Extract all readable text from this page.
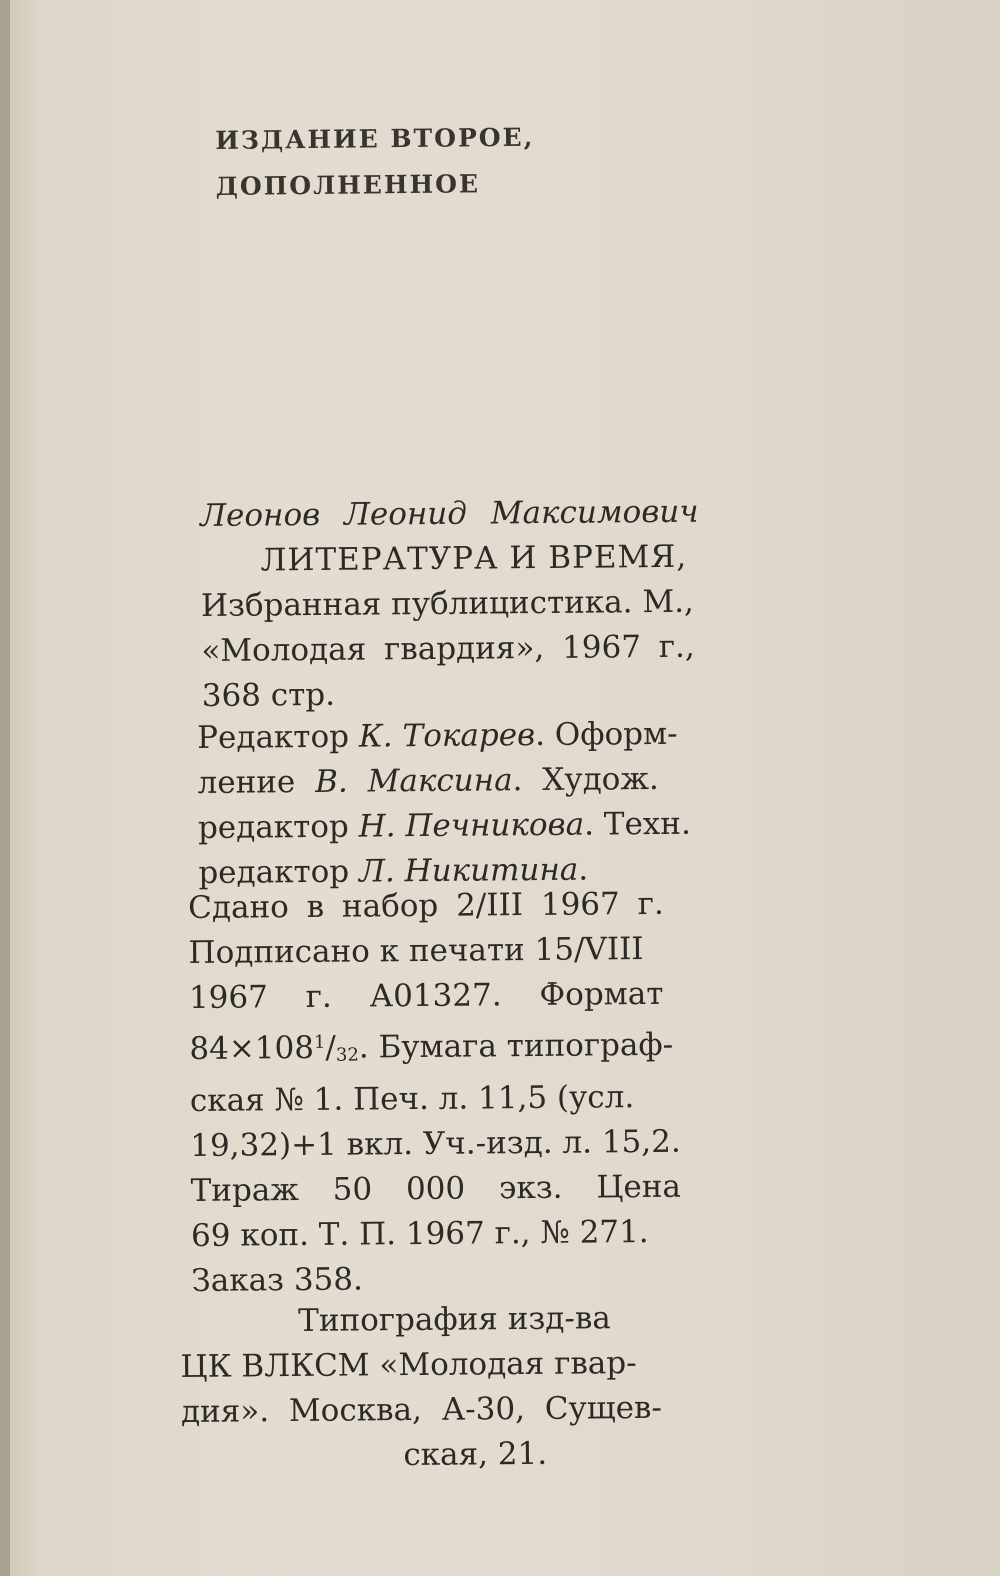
ИЗДАНИЕ ВТОРОЕ,
ДОПОЛНЕННОЕ
Леонов Леонид Максимович
ЛИТЕРАТУРА И ВРЕМЯ,
Избранная публицистика. М.,
«Молодая гвардия», 1967 г.,
368 стр.
Редактор К. Токарев. Оформ-
ление В. Максина. Худож.
редактор Н. Печникова. Техн.
редактор Л. Никитина.
Сдано в набор 2/III 1967 г.
Подписано к печати 15/VIII
1967 г. А01327. Формат
$84\times 108^1/32$. Бумага типограф-
ская № 1. Печ. л. 11,5 (усл.
19,32)+1 вкл. Уч.-изд. л. 15,2.
Тираж 50 000 экз. Цена
69 коп. Т. П. 1967 г., № 271.
Заказ 358.
Типография изд-ва
ЦК ВЛКСМ «Молодая гвар-
дия». Москва, А-30, Сущев-
ская, 21.
